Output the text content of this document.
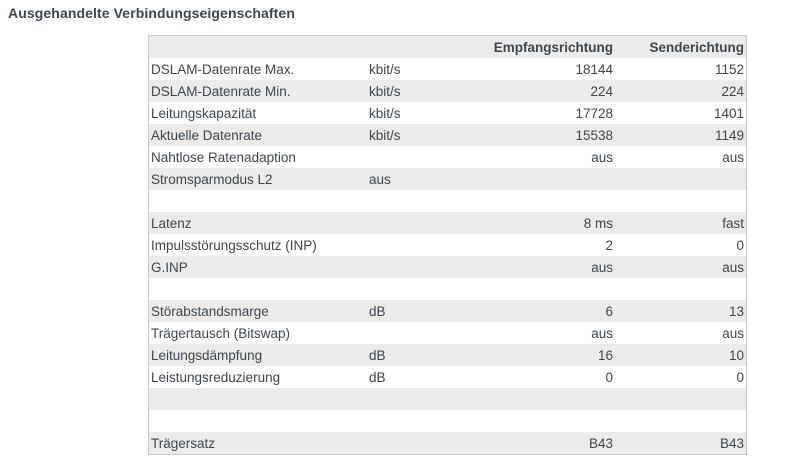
Ausgehandelte Verbindungseigenschaften
		Empfangsrichtung	Senderichtung
DSLAM-Datenrate Max.	kbit/s	18144	1152
DSLAM-Datenrate Min.	kbit/s	224	224
Leitungskapazität	kbit/s	17728	1401
Aktuelle Datenrate	kbit/s	15538	1149
Nahtlose Ratenadaption		aus	aus
Stromsparmodus L2	aus		

Latenz		8 ms	fast
Impulsstörungsschutz (INP)		2	0
G.INP		aus	aus

Störabstandsmarge	dB	6	13
Trägertausch (Bitswap)		aus	aus
Leitungsdämpfung	dB	16	10
Leistungsreduzierung	dB	0	0

Trägersatz		B43	B43
